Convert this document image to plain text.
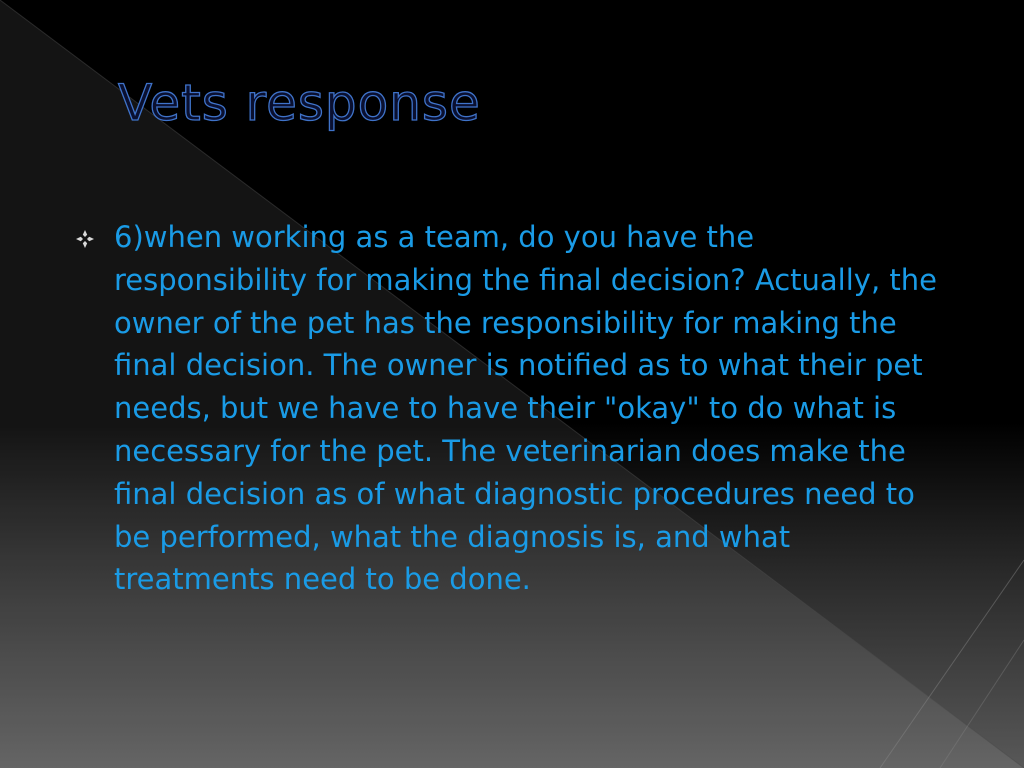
Vets response
6)when working as a team, do you have the responsibility for making the final decision? Actually, the owner of the pet has the responsibility for making the final decision. The owner is notified as to what their pet needs, but we have to have their "okay" to do what is necessary for the pet. The veterinarian does make the final decision as of what diagnostic procedures need to be performed, what the diagnosis is, and what treatments need to be done.
